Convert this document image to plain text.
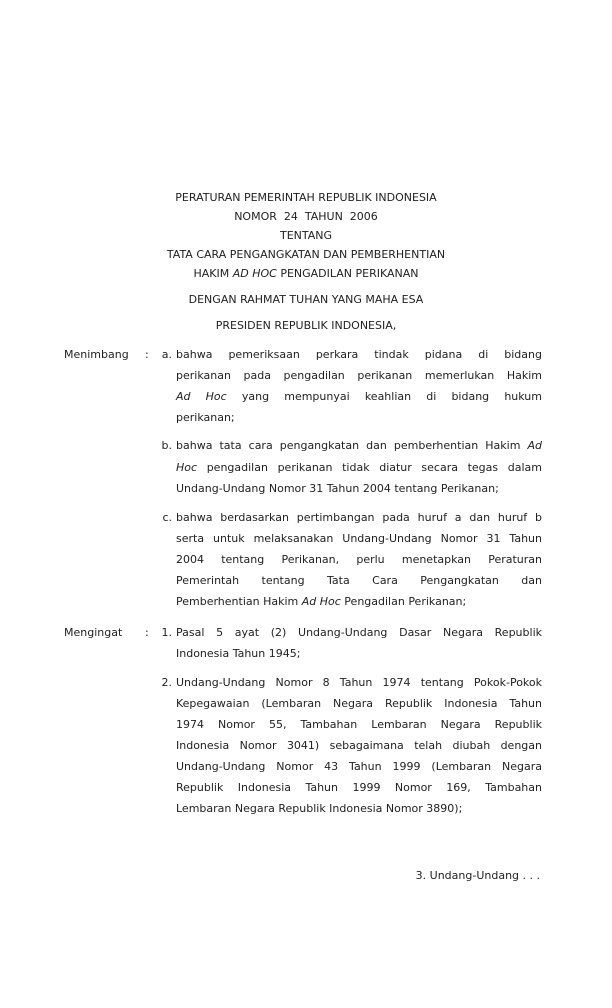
PERATURAN PEMERINTAH REPUBLIK INDONESIA
NOMOR  24  TAHUN  2006
TENTANG
TATA CARA PENGANGKATAN DAN PEMBERHENTIAN
HAKIM AD HOC PENGADILAN PERIKANAN
DENGAN RAHMAT TUHAN YANG MAHA ESA
PRESIDEN REPUBLIK INDONESIA,
Menimbang :	a. bahwa pemeriksaan perkara tindak pidana di bidang
perikanan pada pengadilan perikanan memerlukan Hakim
Ad Hoc yang mempunyai keahlian di bidang hukum
perikanan;
b. bahwa tata cara pengangkatan dan pemberhentian Hakim Ad
Hoc pengadilan perikanan tidak diatur secara tegas dalam
Undang-Undang Nomor 31 Tahun 2004 tentang Perikanan;
c. bahwa berdasarkan pertimbangan pada huruf a dan huruf b
serta untuk melaksanakan Undang-Undang Nomor 31 Tahun
2004 tentang Perikanan, perlu menetapkan Peraturan
Pemerintah tentang Tata Cara Pengangkatan dan
Pemberhentian Hakim Ad Hoc Pengadilan Perikanan;
Mengingat :	1. Pasal 5 ayat (2) Undang-Undang Dasar Negara Republik
Indonesia Tahun 1945;
2. Undang-Undang Nomor 8 Tahun 1974 tentang Pokok-Pokok
Kepegawaian (Lembaran Negara Republik Indonesia Tahun
1974 Nomor 55, Tambahan Lembaran Negara Republik
Indonesia Nomor 3041) sebagaimana telah diubah dengan
Undang-Undang Nomor 43 Tahun 1999 (Lembaran Negara
Republik Indonesia Tahun 1999 Nomor 169, Tambahan
Lembaran Negara Republik Indonesia Nomor 3890);
3. Undang-Undang . . .
